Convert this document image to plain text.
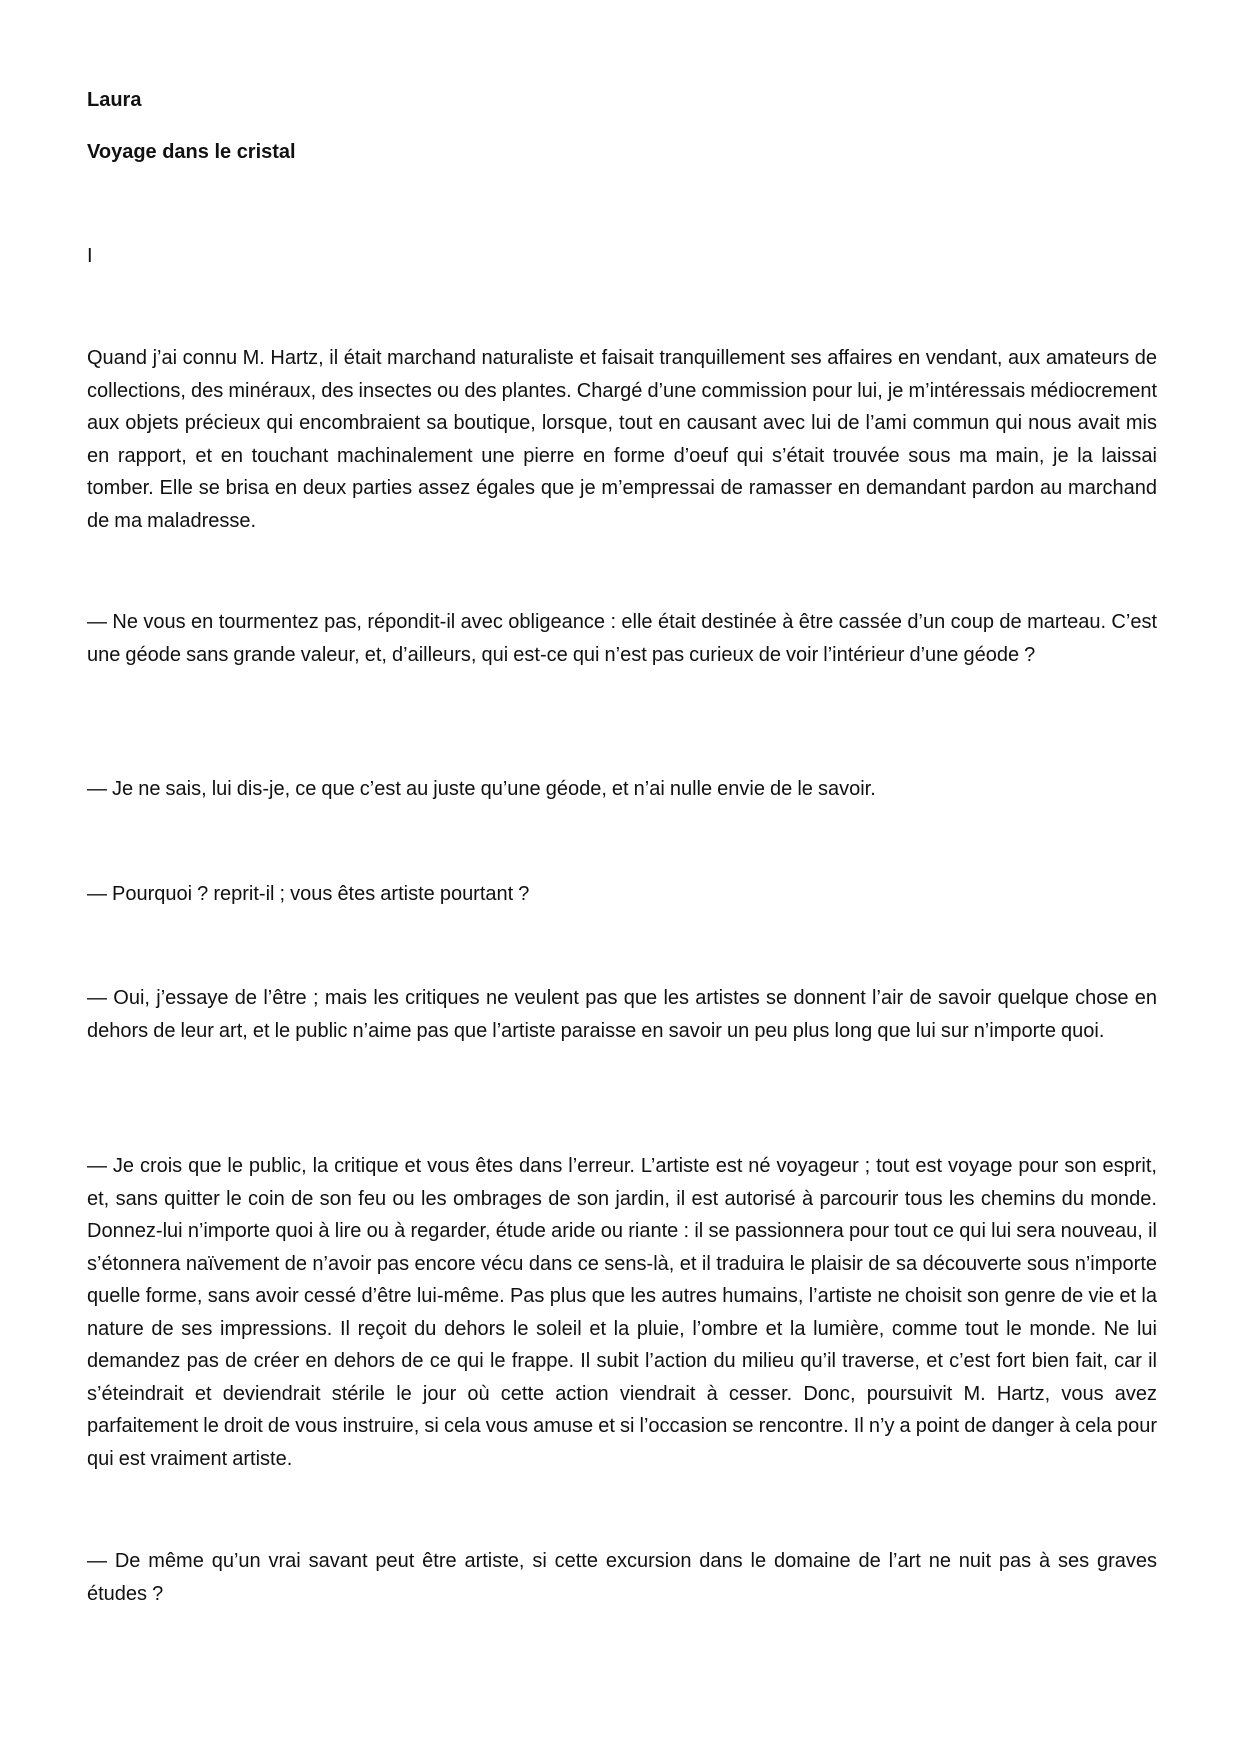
Laura

Voyage dans le cristal

I

Quand j’ai connu M. Hartz, il était marchand naturaliste et faisait tranquillement ses affaires en vendant, aux amateurs de collections, des minéraux, des insectes ou des plantes. Chargé d’une commission pour lui, je m’intéressais médiocrement aux objets précieux qui encombraient sa boutique, lorsque, tout en causant avec lui de l’ami commun qui nous avait mis en rapport, et en touchant machinalement une pierre en forme d’oeuf qui s’était trouvée sous ma main, je la laissai tomber. Elle se brisa en deux parties assez égales que je m’empressai de ramasser en demandant pardon au marchand de ma maladresse.

— Ne vous en tourmentez pas, répondit-il avec obligeance : elle était destinée à être cassée d’un coup de marteau. C’est une géode sans grande valeur, et, d’ailleurs, qui est-ce qui n’est pas curieux de voir l’intérieur d’une géode ?

— Je ne sais, lui dis-je, ce que c’est au juste qu’une géode, et n’ai nulle envie de le savoir.

— Pourquoi ? reprit-il ; vous êtes artiste pourtant ?

— Oui, j’essaye de l’être ; mais les critiques ne veulent pas que les artistes se donnent l’air de savoir quelque chose en dehors de leur art, et le public n’aime pas que l’artiste paraisse en savoir un peu plus long que lui sur n’importe quoi.

— Je crois que le public, la critique et vous êtes dans l’erreur. L’artiste est né voyageur ; tout est voyage pour son esprit, et, sans quitter le coin de son feu ou les ombrages de son jardin, il est autorisé à parcourir tous les chemins du monde. Donnez-lui n’importe quoi à lire ou à regarder, étude aride ou riante : il se passionnera pour tout ce qui lui sera nouveau, il s’étonnera naïvement de n’avoir pas encore vécu dans ce sens-là, et il traduira le plaisir de sa découverte sous n’importe quelle forme, sans avoir cessé d’être lui-même. Pas plus que les autres humains, l’artiste ne choisit son genre de vie et la nature de ses impressions. Il reçoit du dehors le soleil et la pluie, l’ombre et la lumière, comme tout le monde. Ne lui demandez pas de créer en dehors de ce qui le frappe. Il subit l’action du milieu qu’il traverse, et c’est fort bien fait, car il s’éteindrait et deviendrait stérile le jour où cette action viendrait à cesser. Donc, poursuivit M. Hartz, vous avez parfaitement le droit de vous instruire, si cela vous amuse et si l’occasion se rencontre. Il n’y a point de danger à cela pour qui est vraiment artiste.

— De même qu’un vrai savant peut être artiste, si cette excursion dans le domaine de l’art ne nuit pas à ses graves études ?
